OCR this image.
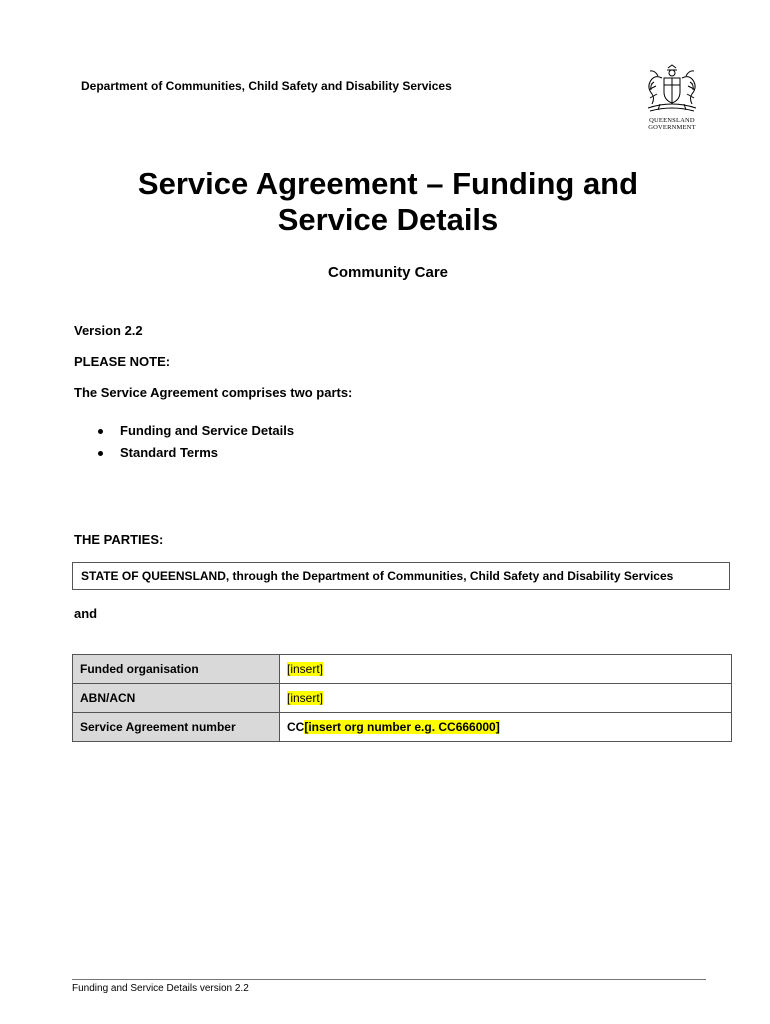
Department of Communities, Child Safety and Disability Services
QUEENSLAND
GOVERNMENT
Service Agreement – Funding and
Service Details
Community Care
Version 2.2
PLEASE NOTE:
The Service Agreement comprises two parts:
Funding and Service Details
Standard Terms
THE PARTIES:
STATE OF QUEENSLAND, through the Department of Communities, Child Safety and Disability Services
and
Funded organisation	[insert]
ABN/ACN	[insert]
Service Agreement number	CC[insert org number e.g. CC666000]
Funding and Service Details version 2.2
